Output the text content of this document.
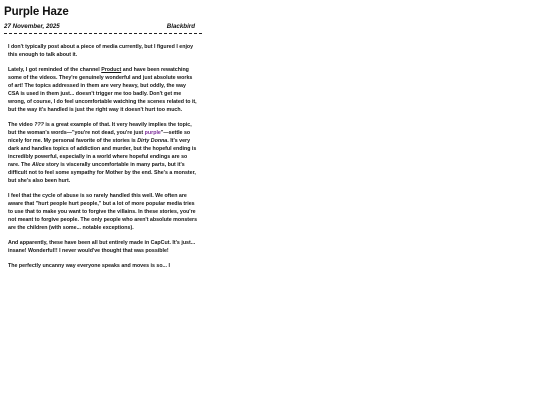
Purple Haze
27 November, 2025	Blackbird

I don't typically post about a piece of media currently, but I figured I enjoy this enough to talk about it.

Lately, I got reminded of the channel Product and have been rewatching some of the videos. They're genuinely wonderful and just absolute works of art! The topics addressed in them are very heavy, but oddly, the way CSA is used in them just... doesn't trigger me too badly. Don't get me wrong, of course, I do feel uncomfortable watching the scenes related to it, but the way it's handled is just the right way it doesn't hurt too much.

The video ??? is a great example of that. It very heavily implies the topic, but the woman's words—"you're not dead, you're just purple"—settle so nicely for me. My personal favorite of the stories is Dirty Donna. It's very dark and handles topics of addiction and murder, but the hopeful ending is incredibly powerful, especially in a world where hopeful endings are so rare. The Alice story is viscerally uncomfortable in many parts, but it's difficult not to feel some sympathy for Mother by the end. She's a monster, but she's also been hurt.

I feel that the cycle of abuse is so rarely handled this well. We often are aware that "hurt people hurt people," but a lot of more popular media tries to use that to make you want to forgive the villains. In these stories, you're not meant to forgive people. The only people who aren't absolute monsters are the children (with some... notable exceptions).

And apparently, these have been all but entirely made in CapCut. It's just... insane! Wonderful!! I never would've thought that was possible!

The perfectly uncanny way everyone speaks and moves is so... I
